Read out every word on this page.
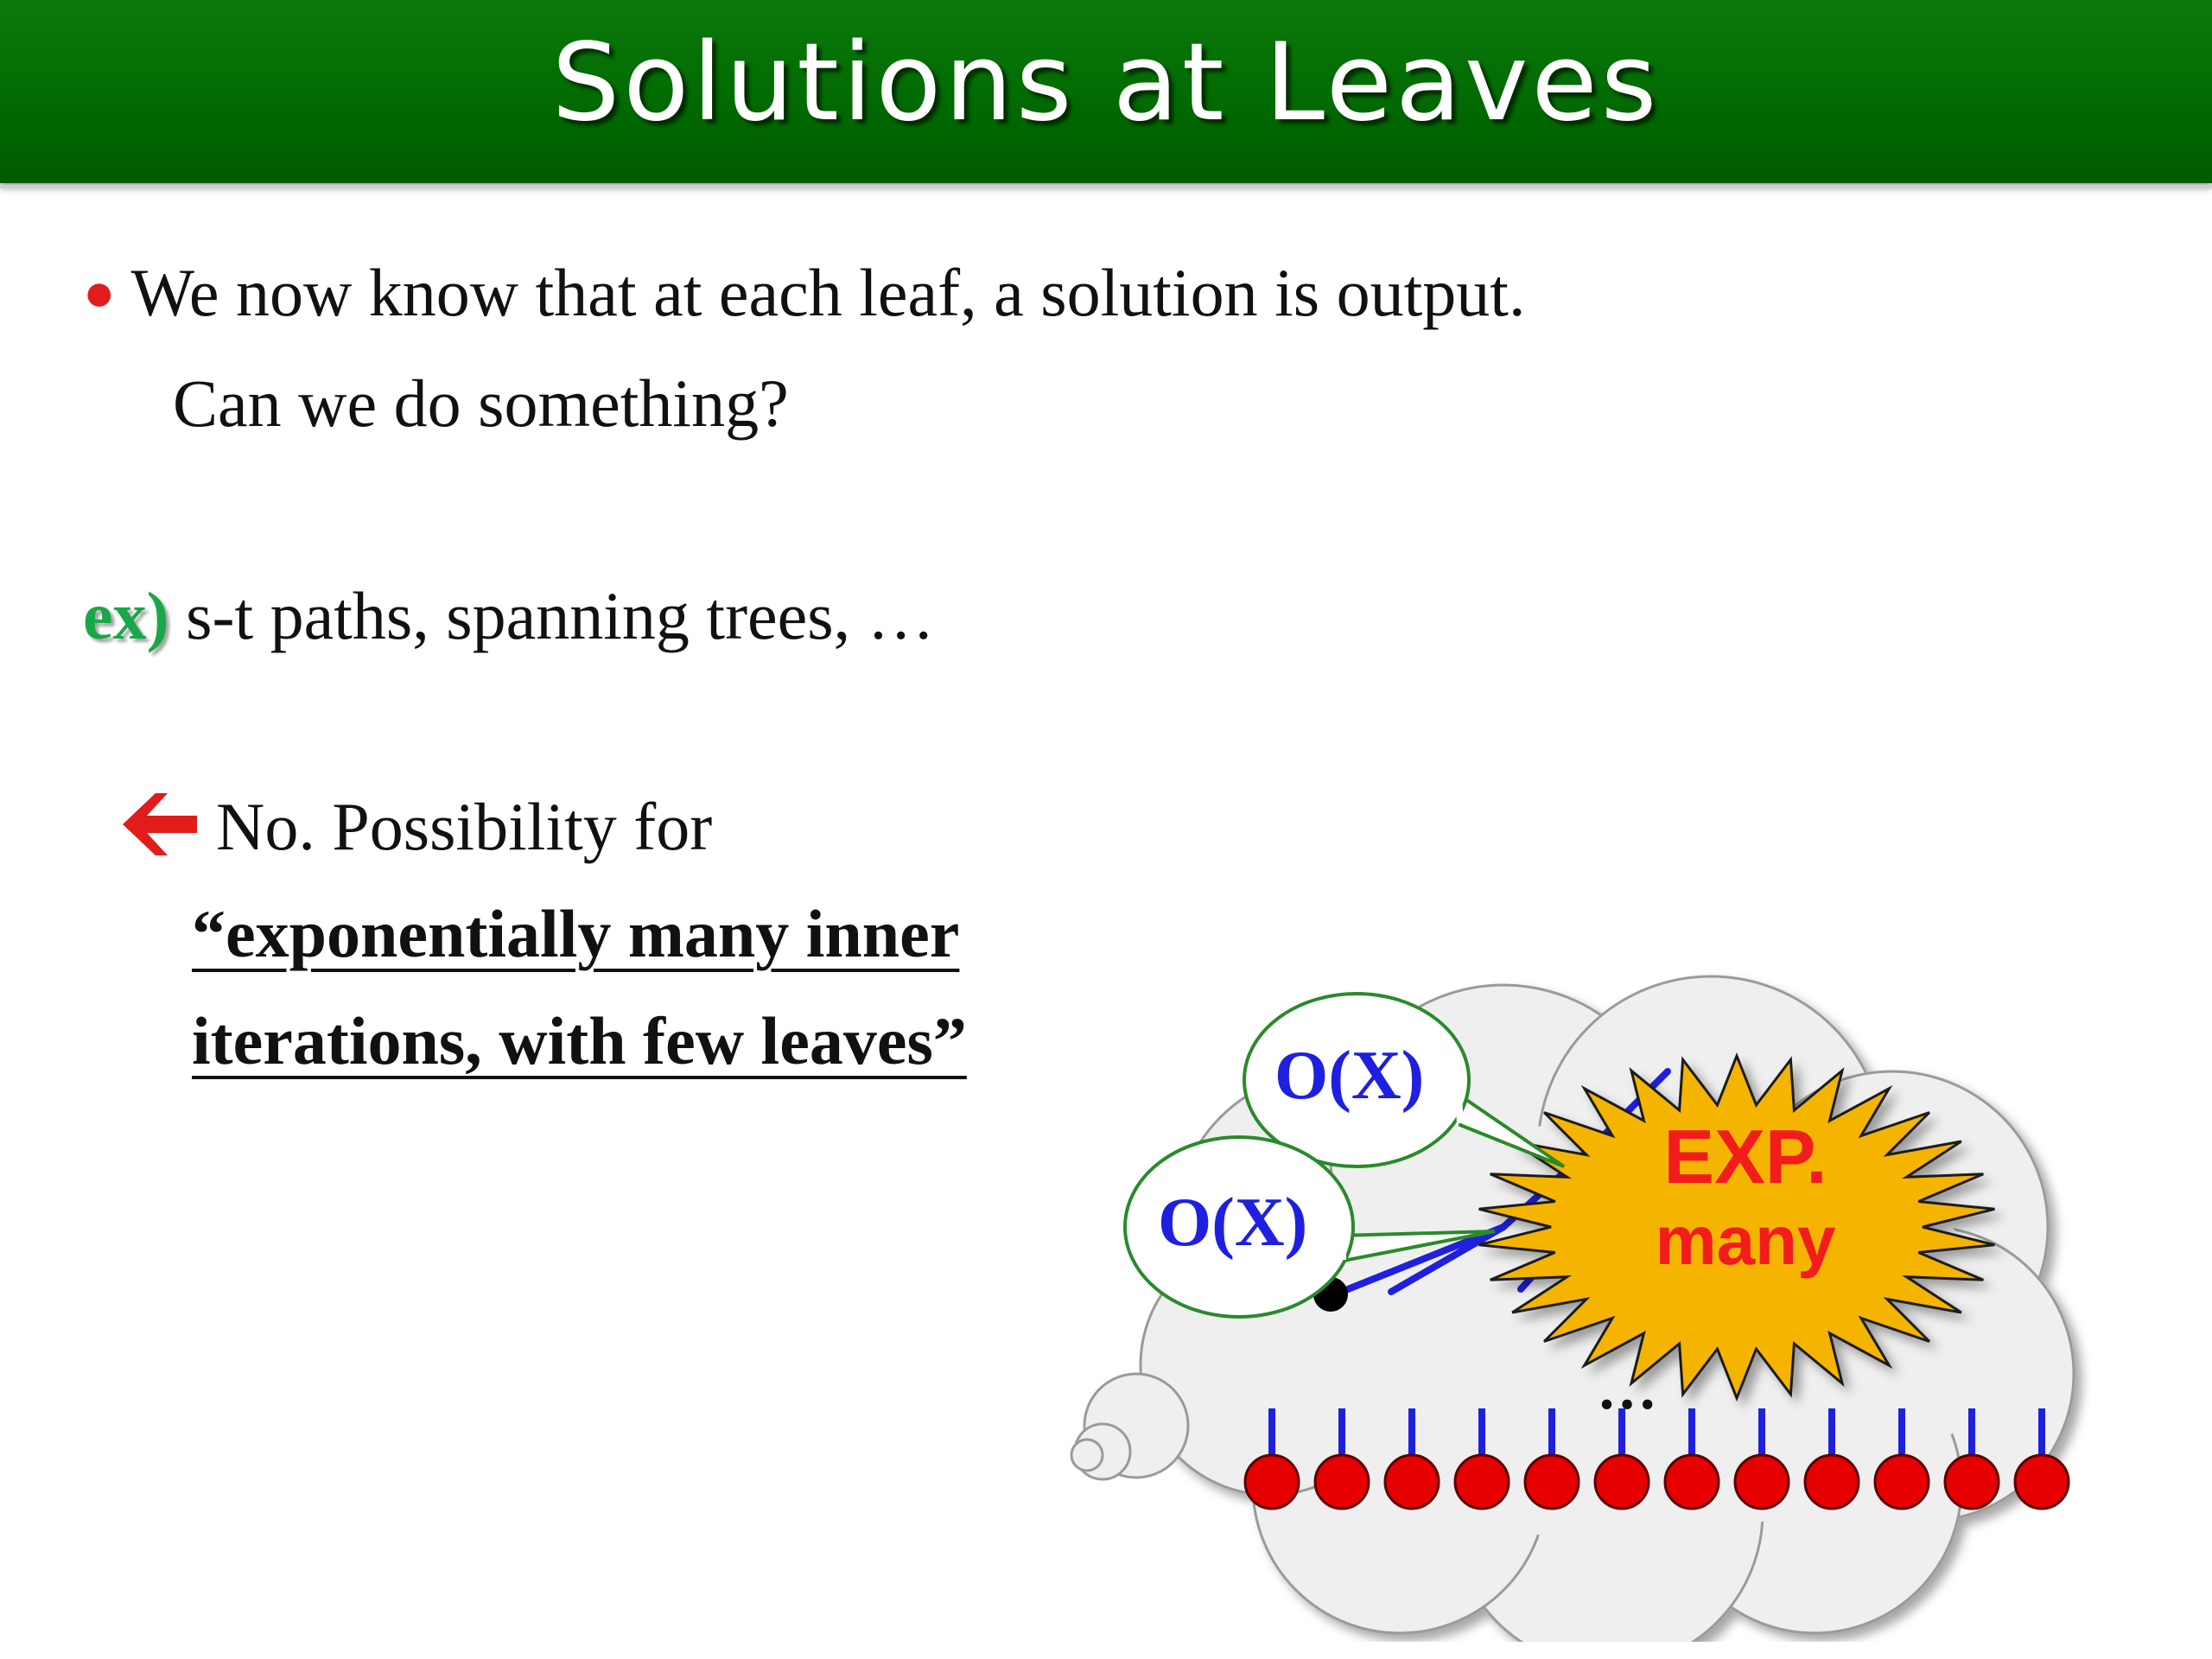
Solutions at Leaves
● We now know that at each leaf, a solution is output.
Can we do something?
ex) s-t paths, spanning trees, …
No. Possibility for
“exponentially many inner
iterations, with few leaves”
…
O(X)
O(X)
EXP.
many
